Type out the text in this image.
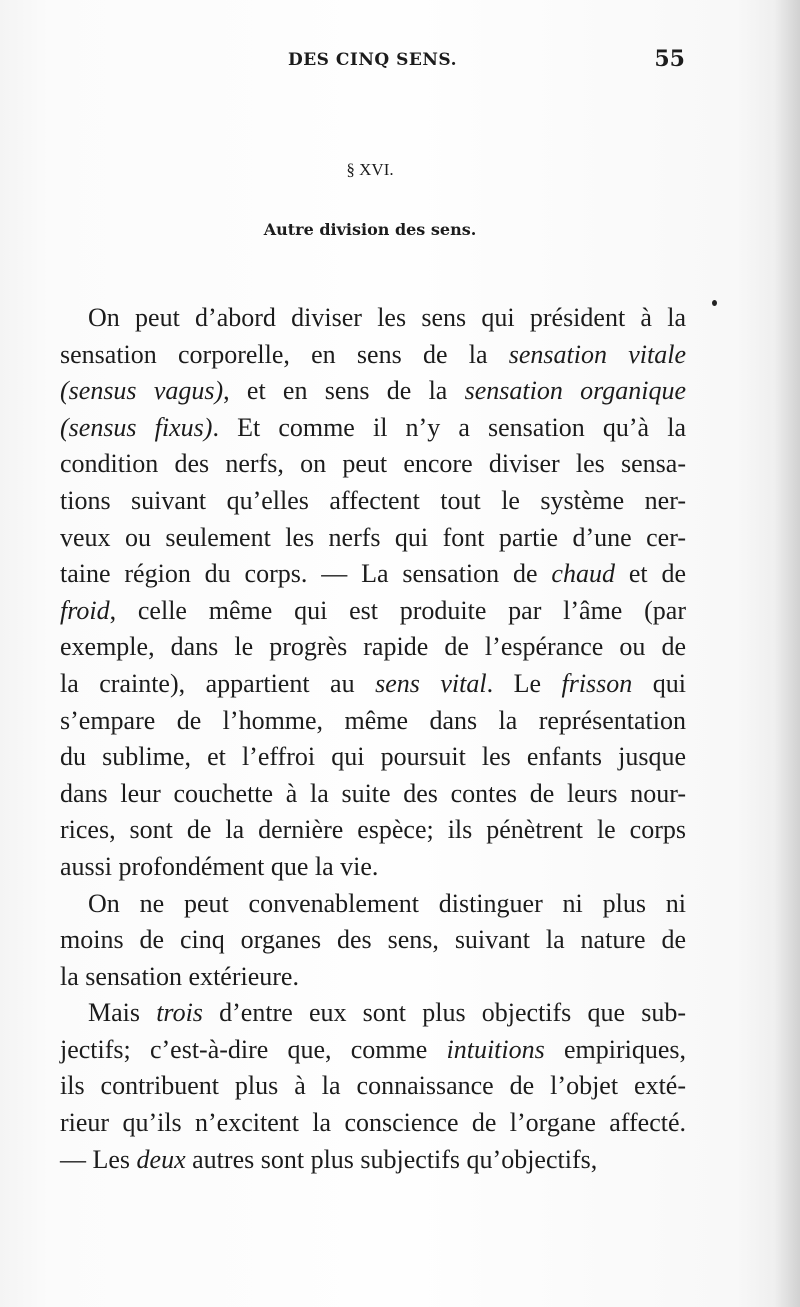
DES CINQ SENS.	55
§ XVI.
Autre division des sens.
On peut d’abord diviser les sens qui président à la
sensation corporelle, en sens de la sensation vitale
(sensus vagus), et en sens de la sensation organique
(sensus fixus). Et comme il n’y a sensation qu’à la
condition des nerfs, on peut encore diviser les sensa-
tions suivant qu’elles affectent tout le système ner-
veux ou seulement les nerfs qui font partie d’une cer-
taine région du corps. — La sensation de chaud et de
froid, celle même qui est produite par l’âme (par
exemple, dans le progrès rapide de l’espérance ou de
la crainte), appartient au sens vital. Le frisson qui
s’empare de l’homme, même dans la représentation
du sublime, et l’effroi qui poursuit les enfants jusque
dans leur couchette à la suite des contes de leurs nour-
rices, sont de la dernière espèce; ils pénètrent le corps
aussi profondément que la vie.
On ne peut convenablement distinguer ni plus ni
moins de cinq organes des sens, suivant la nature de
la sensation extérieure.
Mais trois d’entre eux sont plus objectifs que sub-
jectifs; c’est-à-dire que, comme intuitions empiriques,
ils contribuent plus à la connaissance de l’objet exté-
rieur qu’ils n’excitent la conscience de l’organe affecté.
— Les deux autres sont plus subjectifs qu’objectifs,
